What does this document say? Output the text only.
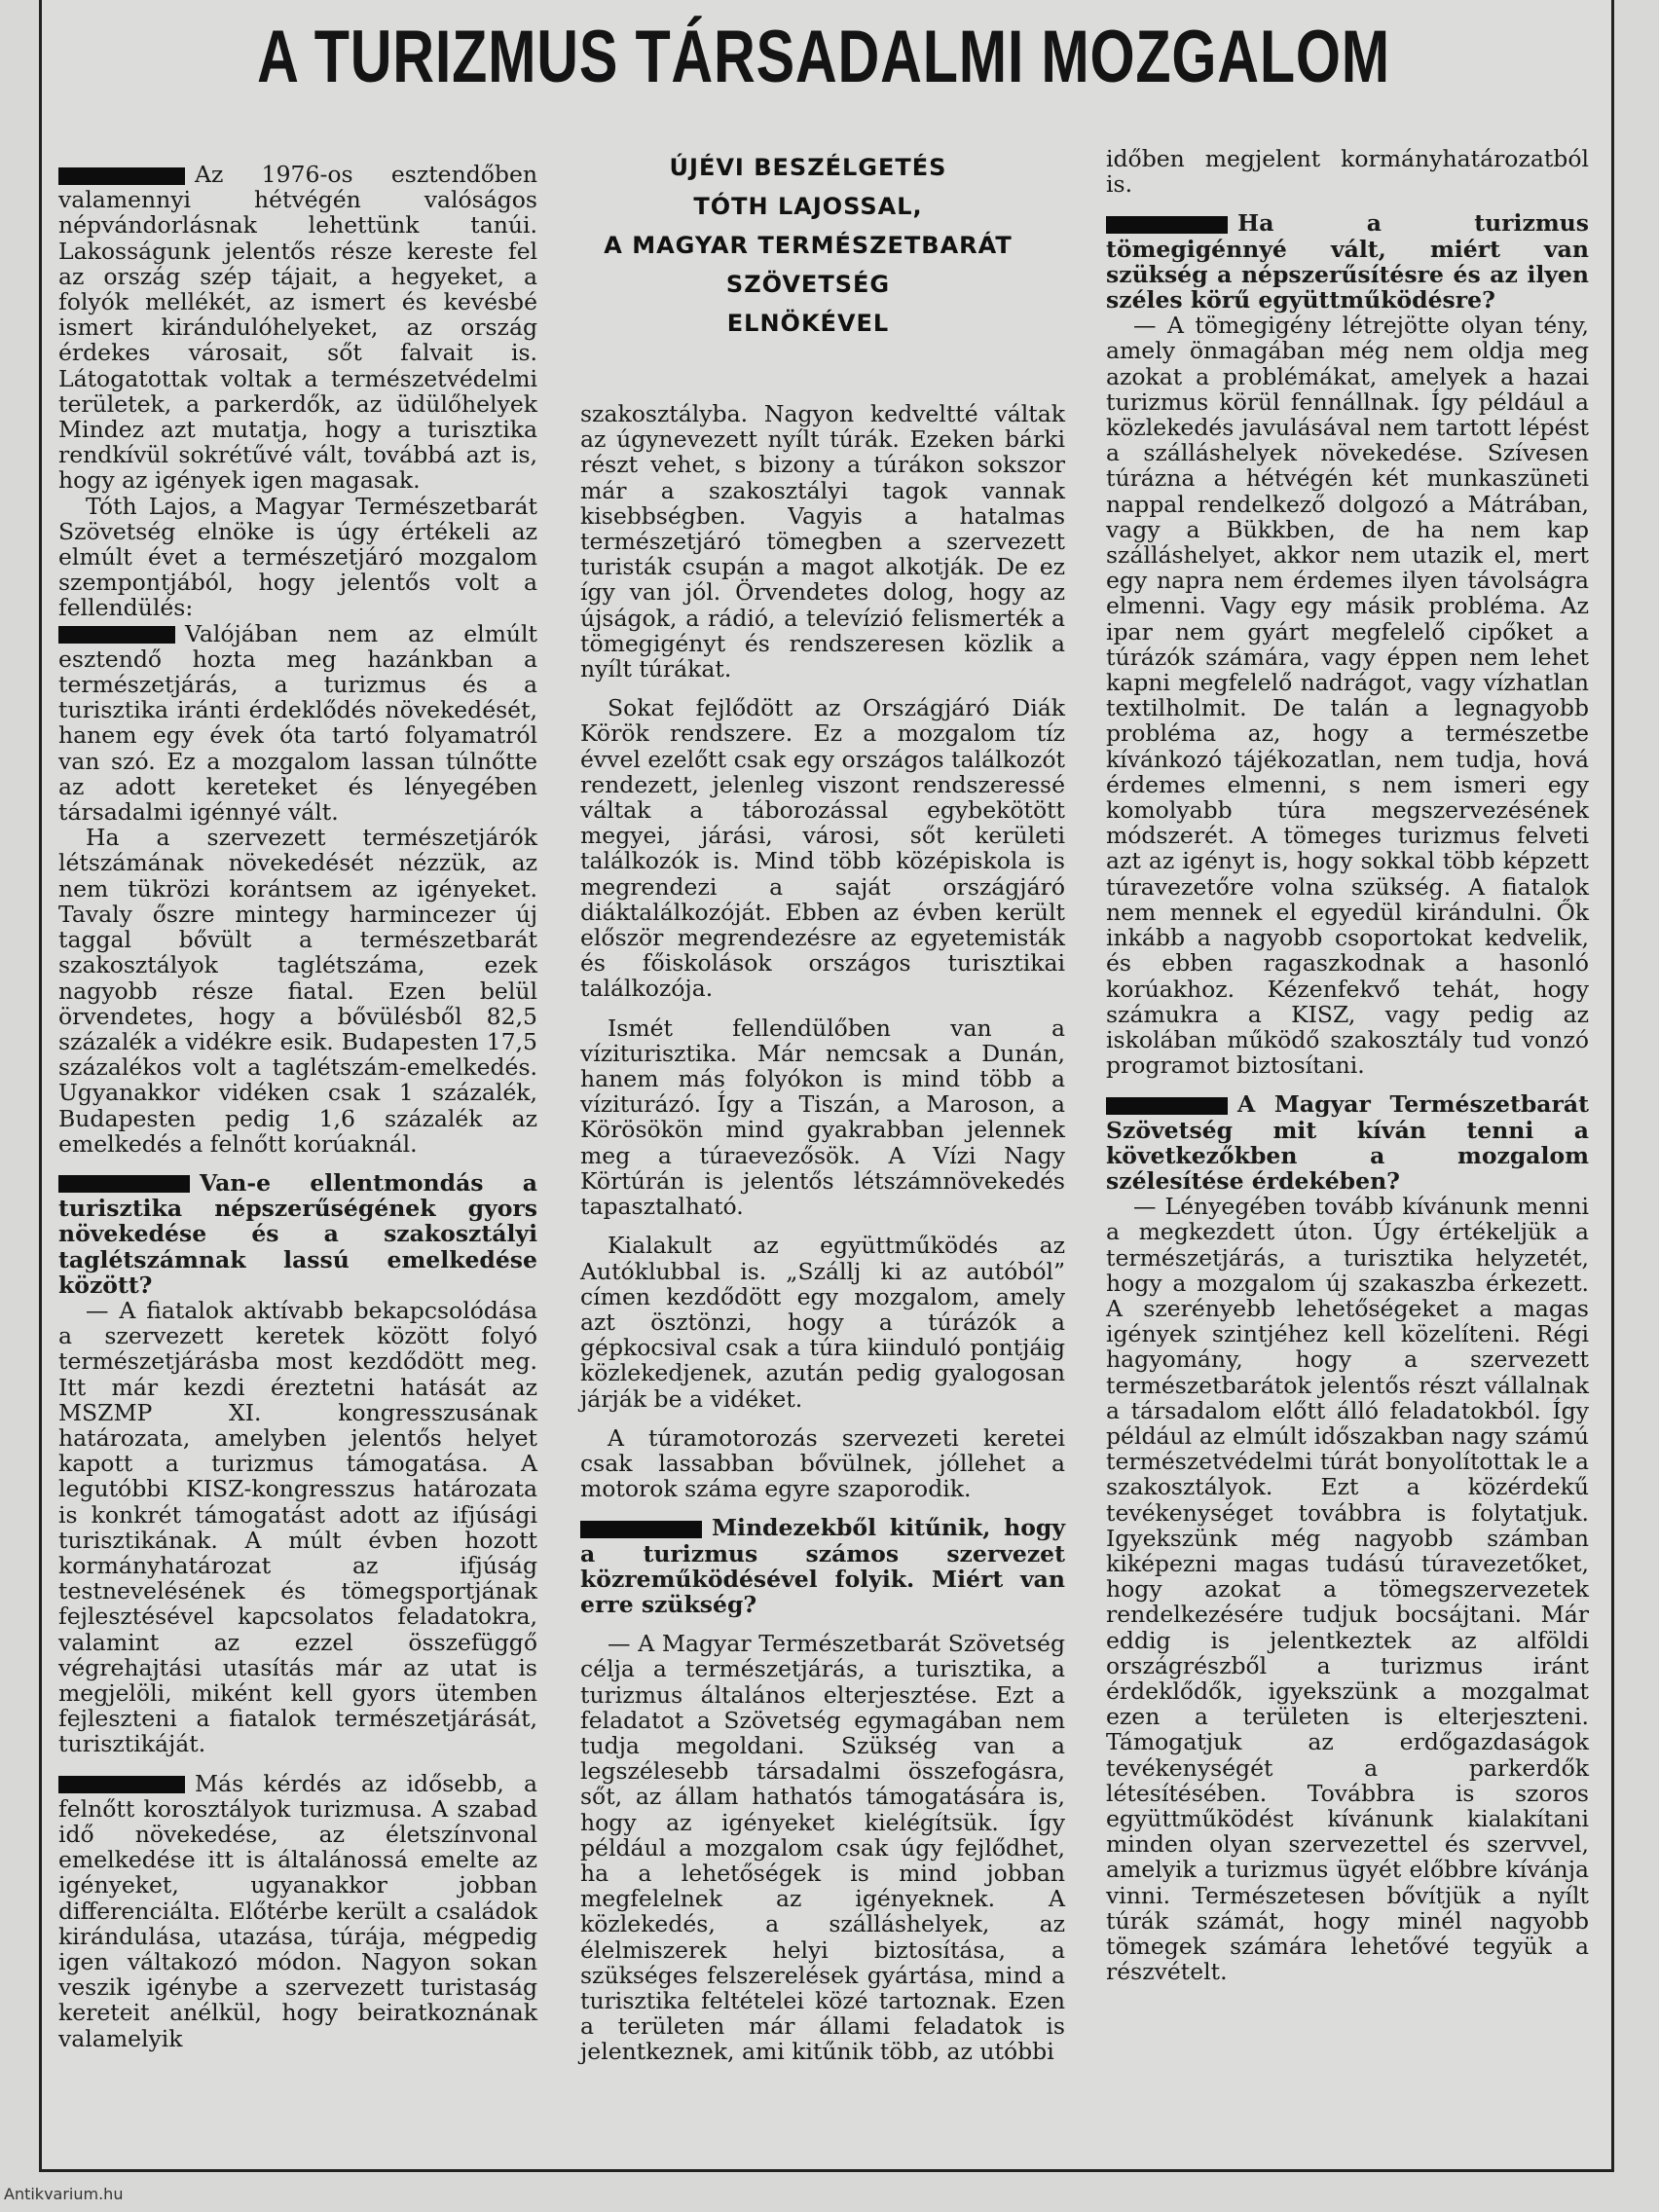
A TURIZMUS TÁRSADALMI MOZGALOM

Az 1976-os esztendőben valamennyi hétvégén valóságos népvándorlásnak lehettünk tanúi. Lakosságunk jelentős része kereste fel az ország szép tájait, a hegyeket, a folyók mellékét, az ismert és kevésbé ismert kirándulóhelyeket, az ország érdekes városait, sőt falvait is. Látogatottak voltak a természetvédelmi területek, a parkerdők, az üdülőhelyek Mindez azt mutatja, hogy a turisztika rendkívül sokrétűvé vált, továbbá azt is, hogy az igények igen magasak.

Tóth Lajos, a Magyar Természetbarát Szövetség elnöke is úgy értékeli az elmúlt évet a természetjáró mozgalom szempontjából, hogy jelentős volt a fellendülés:

Valójában nem az elmúlt esztendő hozta meg hazánkban a természetjárás, a turizmus és a turisztika iránti érdeklődés növekedését, hanem egy évek óta tartó folyamatról van szó. Ez a mozgalom lassan túlnőtte az adott kereteket és lényegében társadalmi igénnyé vált.

Ha a szervezett természetjárók létszámának növekedését nézzük, az nem tükrözi korántsem az igényeket. Tavaly őszre mintegy harmincezer új taggal bővült a természetbarát szakosztályok taglétszáma, ezek nagyobb része fiatal. Ezen belül örvendetes, hogy a bővülésből 82,5 százalék a vidékre esik. Budapesten 17,5 százalékos volt a taglétszám-emelkedés. Ugyanakkor vidéken csak 1 százalék, Budapesten pedig 1,6 százalék az emelkedés a felnőtt korúaknál.

Van-e ellentmondás a turisztika népszerűségének gyors növekedése és a szakosztályi taglétszámnak lassú emelkedése között?

— A fiatalok aktívabb bekapcsolódása a szervezett keretek között folyó természetjárásba most kezdődött meg. Itt már kezdi éreztetni hatását az MSZMP XI. kongresszusának határozata, amelyben jelentős helyet kapott a turizmus támogatása. A legutóbbi KISZ-kongresszus határozata is konkrét támogatást adott az ifjúsági turisztikának. A múlt évben hozott kormányhatározat az ifjúság testnevelésének és tömegsportjának fejlesztésével kapcsolatos feladatokra, valamint az ezzel összefüggő végrehajtási utasítás már az utat is megjelöli, miként kell gyors ütemben fejleszteni a fiatalok természetjárását, turisztikáját.

Más kérdés az idősebb, a felnőtt korosztályok turizmusa. A szabad idő növekedése, az életszínvonal emelkedése itt is általánossá emelte az igényeket, ugyanakkor jobban differenciálta. Előtérbe került a családok kirándulása, utazása, túrája, mégpedig igen váltakozó módon. Nagyon sokan veszik igénybe a szervezett turistaság kereteit anélkül, hogy beiratkoznának valamelyik

ÚJÉVI BESZÉLGETÉS
TÓTH LAJOSSAL,
A MAGYAR TERMÉSZETBARÁT
SZÖVETSÉG
ELNÖKÉVEL

szakosztályba. Nagyon kedveltté váltak az úgynevezett nyílt túrák. Ezeken bárki részt vehet, s bizony a túrákon sokszor már a szakosztályi tagok vannak kisebbségben. Vagyis a hatalmas természetjáró tömegben a szervezett turisták csupán a magot alkotják. De ez így van jól. Örvendetes dolog, hogy az újságok, a rádió, a televízió felismerték a tömegigényt és rendszeresen közlik a nyílt túrákat.

Sokat fejlődött az Országjáró Diák Körök rendszere. Ez a mozgalom tíz évvel ezelőtt csak egy országos találkozót rendezett, jelenleg viszont rendszeressé váltak a táborozással egybekötött megyei, járási, városi, sőt kerületi találkozók is. Mind több középiskola is megrendezi a saját országjáró diáktalálkozóját. Ebben az évben került először megrendezésre az egyetemisták és főiskolások országos turisztikai találkozója.

Ismét fellendülőben van a víziturisztika. Már nemcsak a Dunán, hanem más folyókon is mind több a víziturázó. Így a Tiszán, a Maroson, a Körösökön mind gyakrabban jelennek meg a túraevezősök. A Vízi Nagy Körtúrán is jelentős létszámnövekedés tapasztalható.

Kialakult az együttműködés az Autóklubbal is. „Szállj ki az autóból” címen kezdődött egy mozgalom, amely azt ösztönzi, hogy a túrázók a gépkocsival csak a túra kiinduló pontjáig közlekedjenek, azután pedig gyalogosan járják be a vidéket.

A túramotorozás szervezeti keretei csak lassabban bővülnek, jóllehet a motorok száma egyre szaporodik.

Mindezekből kitűnik, hogy a turizmus számos szervezet közreműködésével folyik. Miért van erre szükség?

— A Magyar Természetbarát Szövetség célja a természetjárás, a turisztika, a turizmus általános elterjesztése. Ezt a feladatot a Szövetség egymagában nem tudja megoldani. Szükség van a legszélesebb társadalmi összefogásra, sőt, az állam hathatós támogatására is, hogy az igényeket kielégítsük. Így például a mozgalom csak úgy fejlődhet, ha a lehetőségek is mind jobban megfelelnek az igényeknek. A közlekedés, a szálláshelyek, az élelmiszerek helyi biztosítása, a szükséges felszerelések gyártása, mind a turisztika feltételei közé tartoznak. Ezen a területen már állami feladatok is jelentkeznek, ami kitűnik több, az utóbbi

időben megjelent kormányhatározatból is.

Ha a turizmus tömegigénnyé vált, miért van szükség a népszerűsítésre és az ilyen széles körű együttműködésre?

— A tömegigény létrejötte olyan tény, amely önmagában még nem oldja meg azokat a problémákat, amelyek a hazai turizmus körül fennállnak. Így például a közlekedés javulásával nem tartott lépést a szálláshelyek növekedése. Szívesen túrázna a hétvégén két munkaszüneti nappal rendelkező dolgozó a Mátrában, vagy a Bükkben, de ha nem kap szálláshelyet, akkor nem utazik el, mert egy napra nem érdemes ilyen távolságra elmenni. Vagy egy másik probléma. Az ipar nem gyárt megfelelő cipőket a túrázók számára, vagy éppen nem lehet kapni megfelelő nadrágot, vagy vízhatlan textilholmit. De talán a legnagyobb probléma az, hogy a természetbe kívánkozó tájékozatlan, nem tudja, hová érdemes elmenni, s nem ismeri egy komolyabb túra megszervezésének módszerét. A tömeges turizmus felveti azt az igényt is, hogy sokkal több képzett túravezetőre volna szükség. A fiatalok nem mennek el egyedül kirándulni. Ők inkább a nagyobb csoportokat kedvelik, és ebben ragaszkodnak a hasonló korúakhoz. Kézenfekvő tehát, hogy számukra a KISZ, vagy pedig az iskolában működő szakosztály tud vonzó programot biztosítani.

A Magyar Természetbarát Szövetség mit kíván tenni a következőkben a mozgalom szélesítése érdekében?

— Lényegében tovább kívánunk menni a megkezdett úton. Úgy értékeljük a természetjárás, a turisztika helyzetét, hogy a mozgalom új szakaszba érkezett. A szerényebb lehetőségeket a magas igények szintjéhez kell közelíteni. Régi hagyomány, hogy a szervezett természetbarátok jelentős részt vállalnak a társadalom előtt álló feladatokból. Így például az elmúlt időszakban nagy számú természetvédelmi túrát bonyolítottak le a szakosztályok. Ezt a közérdekű tevékenységet továbbra is folytatjuk. Igyekszünk még nagyobb számban kiképezni magas tudású túravezetőket, hogy azokat a tömegszervezetek rendelkezésére tudjuk bocsájtani. Már eddig is jelentkeztek az alföldi országrészből a turizmus iránt érdeklődők, igyekszünk a mozgalmat ezen a területen is elterjeszteni. Támogatjuk az erdőgazdaságok tevékenységét a parkerdők létesítésében. Továbbra is szoros együttműködést kívánunk kialakítani minden olyan szervezettel és szervvel, amelyik a turizmus ügyét előbbre kívánja vinni. Természetesen bővítjük a nyílt túrák számát, hogy minél nagyobb tömegek számára lehetővé tegyük a részvételt.

Antikvarium.hu
